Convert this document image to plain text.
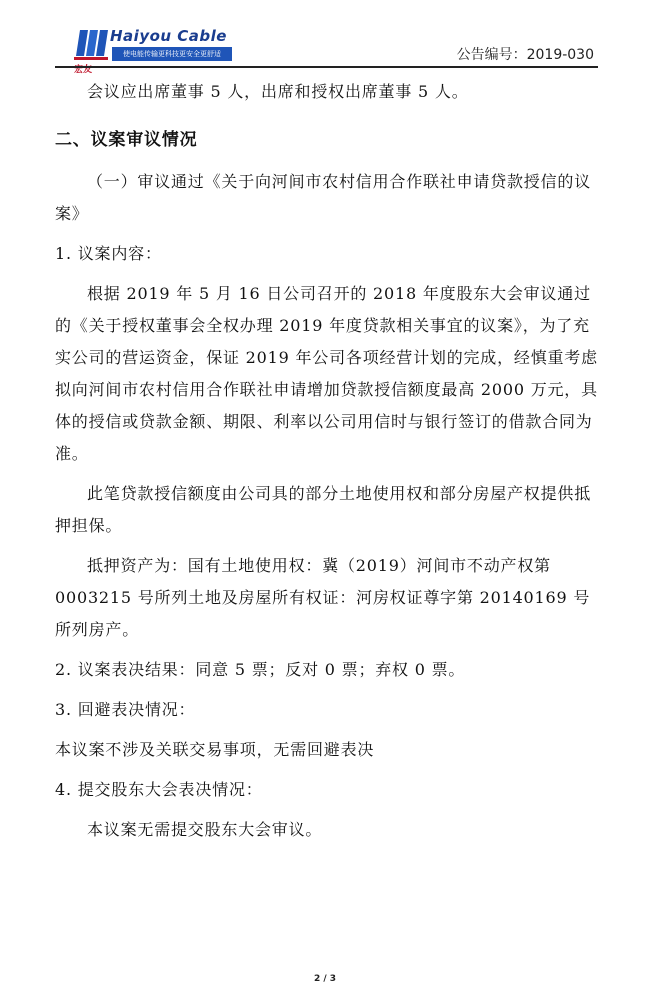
Haiyou Cable
使电能传输更科技更安全更舒适
宏友
公告编号：2019-030

会议应出席董事 5 人，出席和授权出席董事 5 人。

二、议案审议情况

（一）审议通过《关于向河间市农村信用合作联社申请贷款授信的议案》

1. 议案内容：

根据 2019 年 5 月 16 日公司召开的 2018 年度股东大会审议通过的《关于授权董事会全权办理 2019 年度贷款相关事宜的议案》，为了充实公司的营运资金，保证 2019 年公司各项经营计划的完成，经慎重考虑拟向河间市农村信用合作联社申请增加贷款授信额度最高 2000 万元，具体的授信或贷款金额、期限、利率以公司用信时与银行签订的借款合同为准。

此笔贷款授信额度由公司具的部分土地使用权和部分房屋产权提供抵押担保。

抵押资产为：国有土地使用权：冀（2019）河间市不动产权第 0003215 号所列土地及房屋所有权证：河房权证尊字第 20140169 号所列房产。

2. 议案表决结果：同意 5 票；反对 0 票；弃权 0 票。

3. 回避表决情况：

本议案不涉及关联交易事项，无需回避表决

4. 提交股东大会表决情况：

本议案无需提交股东大会审议。

2 / 3
